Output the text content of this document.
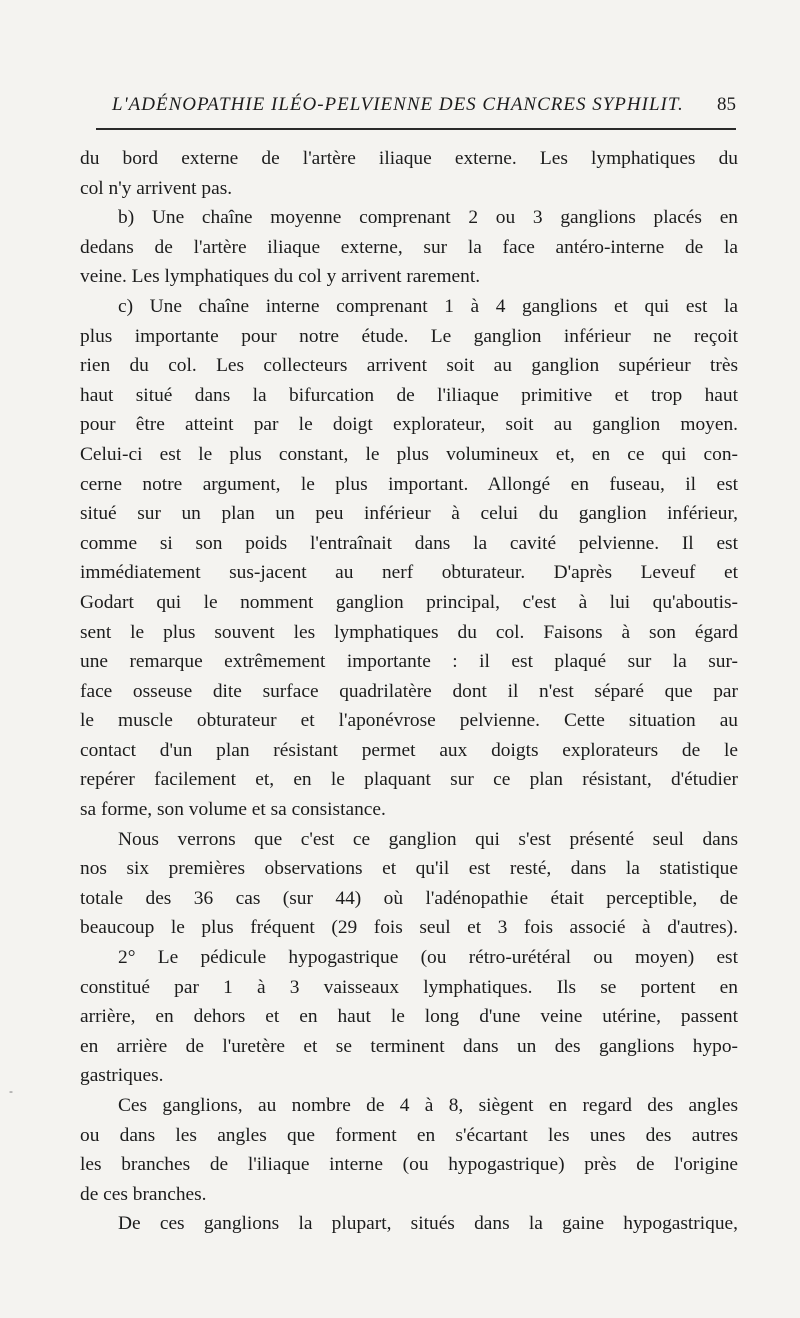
L'ADÉNOPATHIE ILÉO-PELVIENNE DES CHANCRES SYPHILIT. 85
du bord externe de l'artère iliaque externe. Les lymphatiques du
col n'y arrivent pas.
b) Une chaîne moyenne comprenant 2 ou 3 ganglions placés en
dedans de l'artère iliaque externe, sur la face antéro-interne de la
veine. Les lymphatiques du col y arrivent rarement.
c) Une chaîne interne comprenant 1 à 4 ganglions et qui est la
plus importante pour notre étude. Le ganglion inférieur ne reçoit
rien du col. Les collecteurs arrivent soit au ganglion supérieur très
haut situé dans la bifurcation de l'iliaque primitive et trop haut
pour être atteint par le doigt explorateur, soit au ganglion moyen.
Celui-ci est le plus constant, le plus volumineux et, en ce qui con-
cerne notre argument, le plus important. Allongé en fuseau, il est
situé sur un plan un peu inférieur à celui du ganglion inférieur,
comme si son poids l'entraînait dans la cavité pelvienne. Il est
immédiatement sus-jacent au nerf obturateur. D'après Leveuf et
Godart qui le nomment ganglion principal, c'est à lui qu'aboutis-
sent le plus souvent les lymphatiques du col. Faisons à son égard
une remarque extrêmement importante : il est plaqué sur la sur-
face osseuse dite surface quadrilatère dont il n'est séparé que par
le muscle obturateur et l'aponévrose pelvienne. Cette situation au
contact d'un plan résistant permet aux doigts explorateurs de le
repérer facilement et, en le plaquant sur ce plan résistant, d'étudier
sa forme, son volume et sa consistance.
Nous verrons que c'est ce ganglion qui s'est présenté seul dans
nos six premières observations et qu'il est resté, dans la statistique
totale des 36 cas (sur 44) où l'adénopathie était perceptible, de
beaucoup le plus fréquent (29 fois seul et 3 fois associé à d'autres).
2° Le pédicule hypogastrique (ou rétro-urétéral ou moyen) est
constitué par 1 à 3 vaisseaux lymphatiques. Ils se portent en
arrière, en dehors et en haut le long d'une veine utérine, passent
en arrière de l'uretère et se terminent dans un des ganglions hypo-
gastriques.
Ces ganglions, au nombre de 4 à 8, siègent en regard des angles
ou dans les angles que forment en s'écartant les unes des autres
les branches de l'iliaque interne (ou hypogastrique) près de l'origine
de ces branches.
De ces ganglions la plupart, situés dans la gaine hypogastrique,
-
